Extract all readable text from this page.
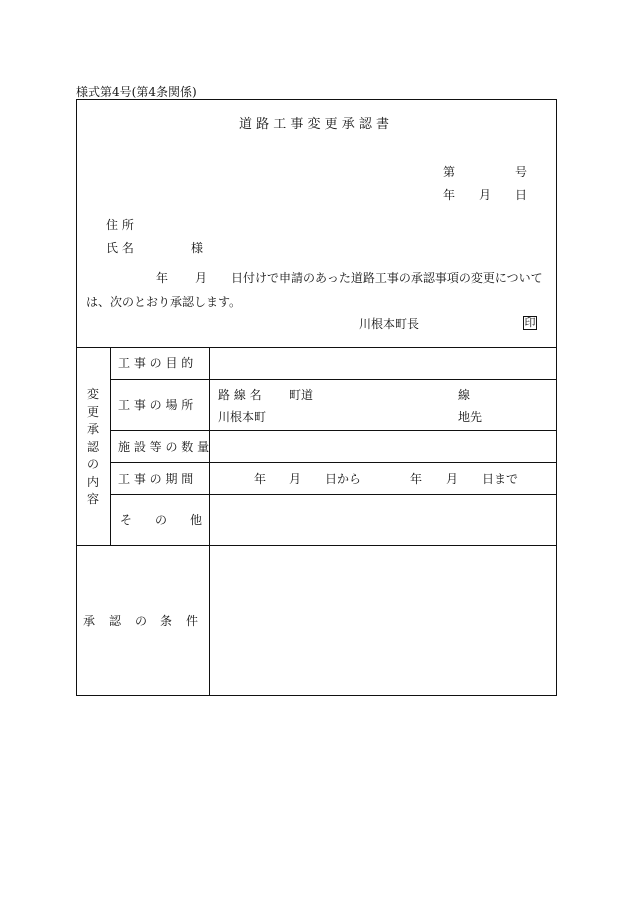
様式第4号(第4条関係)
道 路 工 事 変 更 承 認 書
第	号
年 月 日
住 所
氏 名	様
年 月 日付けで申請のあった道路工事の承認事項の変更について
は、次のとおり承認します。
川根本町長	印
変
更
承
認
の
内
容
工 事 の 目 的
工 事 の 場 所
路 線 名 町道	線
川根本町	地先
施 設 等 の 数 量
工 事 の 期 間	年 月 日から	年 月 日まで
そ の 他
承 認 の 条 件
